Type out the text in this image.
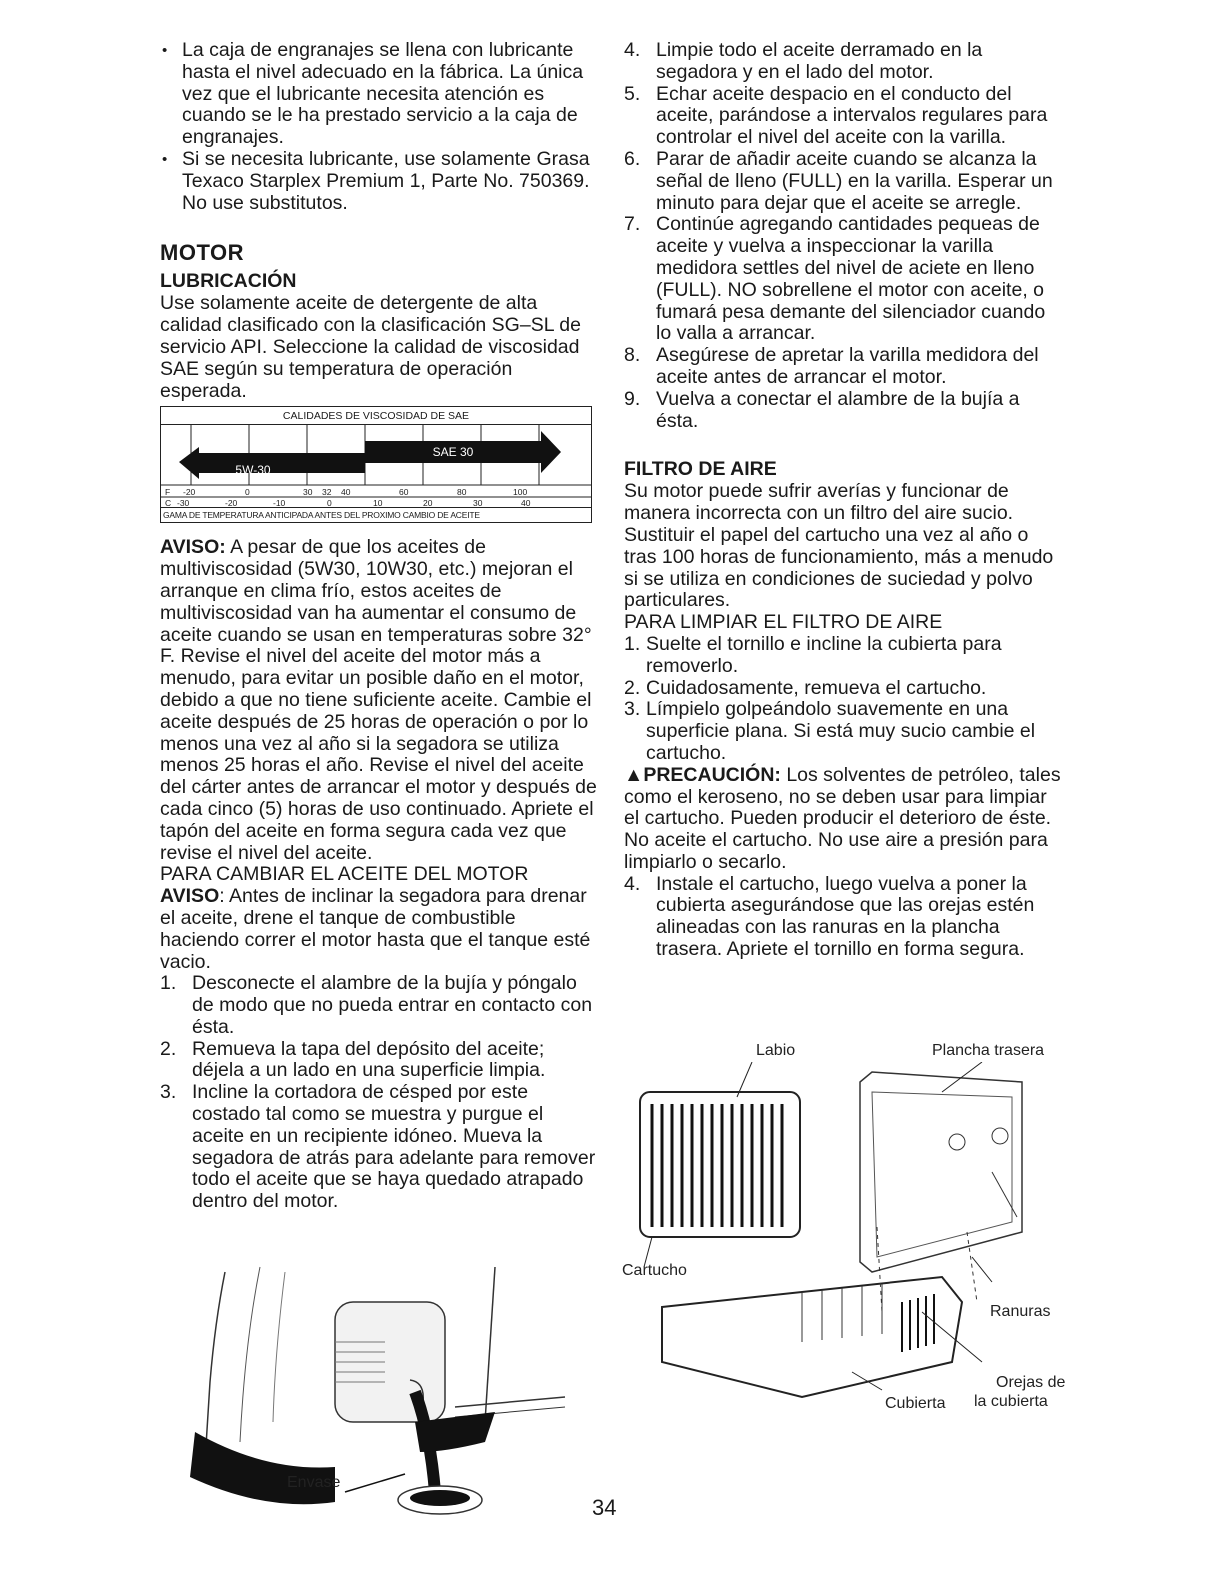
• La caja de engranajes se llena con lubricante hasta el nivel adecuado en la fábrica. La única vez que el lubricante necesita atención es cuando se le ha prestado servicio a la caja de engranajes.

• Si se necesita lubricante, use solamente Grasa Texaco Starplex Premium 1, Parte No. 750369. No use substitutos.

MOTOR
LUBRICACIÓN

Use solamente aceite de detergente de alta calidad clasificado con la clasificación SG–SL de servicio API. Seleccione la calidad de viscosidad SAE según su temperatura de operación esperada.

CALIDADES DE VISCOSIDAD DE SAE
SAE 30
5W-30
F -20	0	30 32 40	60	80	100
C -30	-20	-10	0	10	20	30	40
GAMA DE TEMPERATURA ANTICIPADA ANTES DEL PROXIMO CAMBIO DE ACEITE

AVISO: A pesar de que los aceites de multiviscosidad (5W30, 10W30, etc.) mejoran el arranque en clima frío, estos aceites de multiviscosidad van ha aumentar el consumo de aceite cuando se usan en temperaturas sobre 32° F. Revise el nivel del aceite del motor más a menudo, para evitar un posible daño en el motor, debido a que no tiene suficiente aceite. Cambie el aceite después de 25 horas de operación o por lo menos una vez al año si la segadora se utiliza menos 25 horas el año. Revise el nivel del aceite del cárter antes de arrancar el motor y después de cada cinco (5) horas de uso continuado. Apriete el tapón del aceite en forma segura cada vez que revise el nivel del aceite.

PARA CAMBIAR EL ACEITE DEL MOTOR

AVISO: Antes de inclinar la segadora para drenar el aceite, drene el tanque de combustible haciendo correr el motor hasta que el tanque esté vacio.

1. Desconecte el alambre de la bujía y póngalo de modo que no pueda entrar en contacto con ésta.

2. Remueva la tapa del depósito del aceite; déjela a un lado en una superficie limpia.

3. Incline la cortadora de césped por este costado tal como se muestra y purgue el aceite en un recipiente idóneo. Mueva la segadora de atrás para adelante para remover todo el aceite que se haya quedado atrapado dentro del motor.

Envase

4. Limpie todo el aceite derramado en la segadora y en el lado del motor.

5. Echar aceite despacio en el conducto del aceite, parándose a intervalos regulares para controlar el nivel del aceite con la varilla.

6. Parar de añadir aceite cuando se alcanza la señal de lleno (FULL) en la varilla. Esperar un minuto para dejar que el aceite se arregle.

7. Continúe agregando cantidades pequeas de aceite y vuelva a inspeccionar la varilla medidora settles del nivel de aciete en lleno (FULL). NO sobrellene el motor con aceite, o fumará pesa demante del silenciador cuando lo valla a arrancar.

8. Asegúrese de apretar la varilla medidora del aceite antes de arrancar el motor.

9. Vuelva a conectar el alambre de la bujía a ésta.

FILTRO DE AIRE

Su motor puede sufrir averías y funcionar de manera incorrecta con un filtro del aire sucio. Sustituir el papel del cartucho una vez al año o tras 100 horas de funcionamiento, más a menudo si se utiliza en condiciones de suciedad y polvo particulares.

PARA LIMPIAR EL FILTRO DE AIRE

1. Suelte el tornillo e incline la cubierta para removerlo.

2. Cuidadosamente, remueva el cartucho.

3. Límpielo golpeándolo suavemente en una superficie plana. Si está muy sucio cambie el cartucho.

▲PRECAUCIÓN: Los solventes de petróleo, tales como el keroseno, no se deben usar para limpiar el cartucho. Pueden producir el deterioro de éste. No aceite el cartucho. No use aire a presión para limpiarlo o secarlo.

4. Instale el cartucho, luego vuelva a poner la cubierta asegurándose que las orejas estén alineadas con las ranuras en la plancha trasera. Apriete el tornillo en forma segura.

Labio	Plancha trasera
Cartucho
Ranuras
Orejas de
la cubierta
Cubierta
34
